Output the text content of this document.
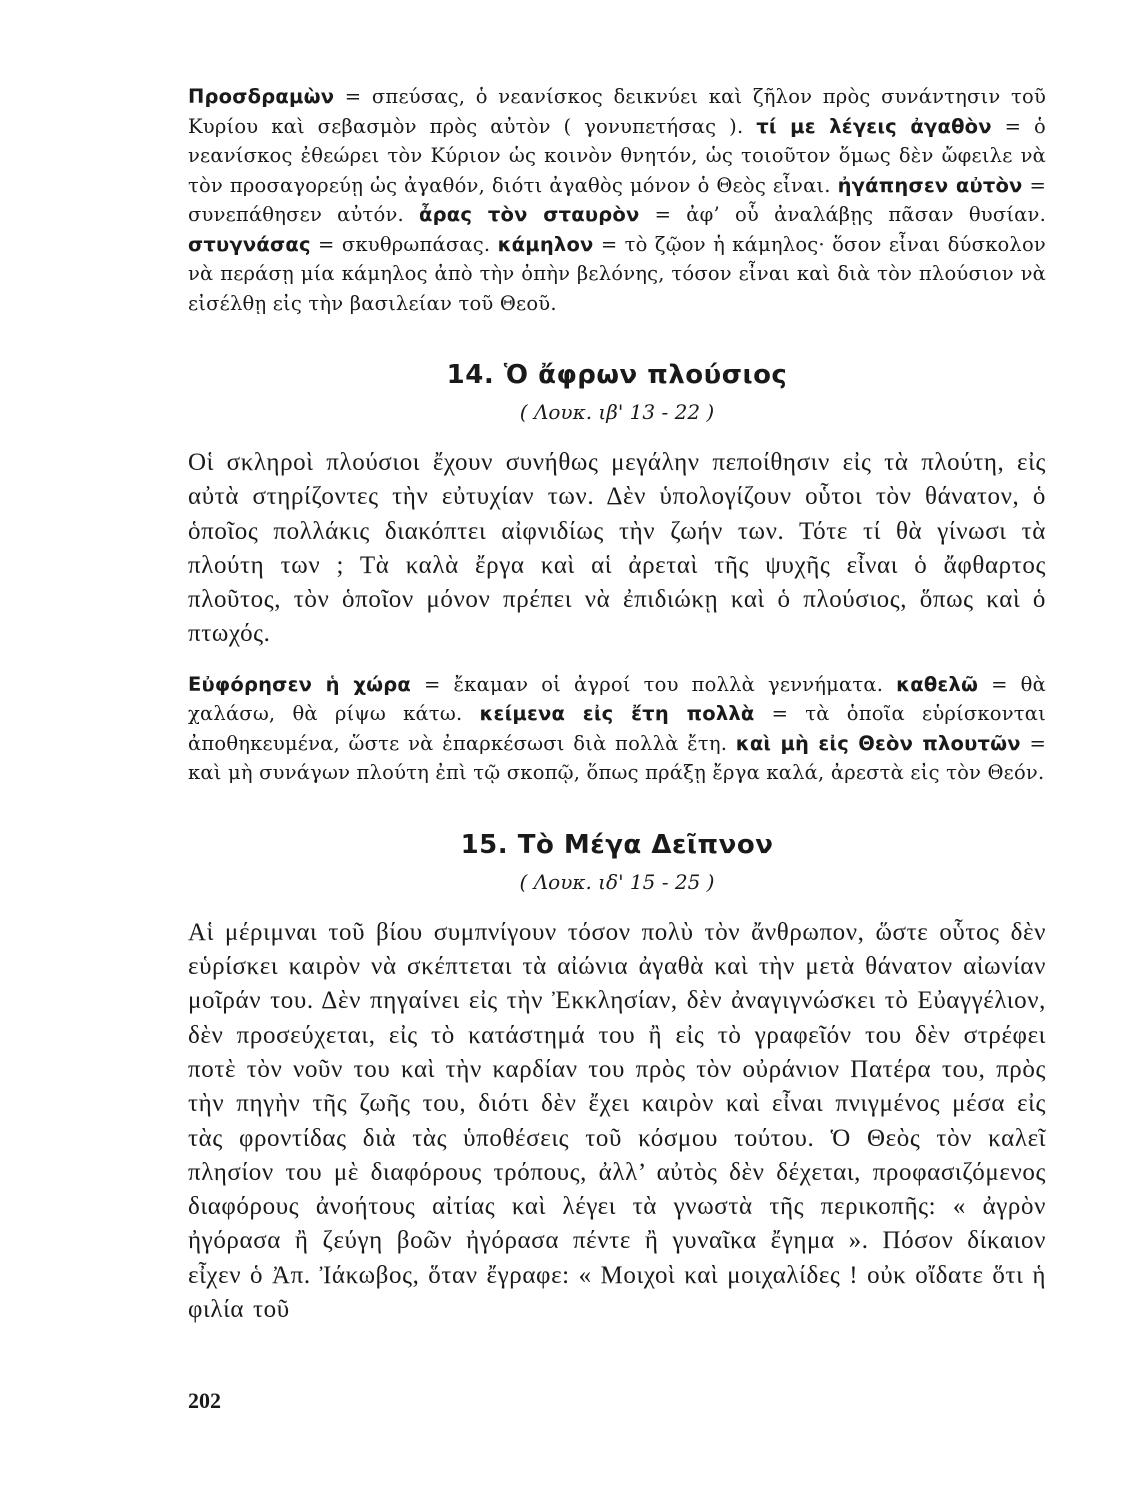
Προσδραμὼν = σπεύσας, ὁ νεανίσκος δεικνύει καὶ ζῆλον πρὸς συνάντησιν τοῦ Κυρίου καὶ σεβασμὸν πρὸς αὐτὸν ( γονυπετήσας ). τί με λέγεις ἀγαθὸν = ὁ νεανίσκος ἐθεώρει τὸν Κύριον ὡς κοινὸν θνητόν, ὡς τοιοῦτον ὅμως δὲν ὤφειλε νὰ τὸν προσαγορεύῃ ὡς ἀγαθόν, διότι ἀγαθὸς μόνον ὁ Θεὸς εἶναι. ἠγάπησεν αὐτὸν = συνεπάθησεν αὐτόν. ἆρας τὸν σταυρὸν = ἀφ’ οὗ ἀναλάβῃς πᾶσαν θυσίαν. στυγνάσας = σκυθρωπάσας. κάμηλον = τὸ ζῷον ἡ κάμηλος· ὅσον εἶναι δύσκολον νὰ περάσῃ μία κάμηλος ἀπὸ τὴν ὀπὴν βελόνης, τόσον εἶναι καὶ διὰ τὸν πλούσιον νὰ εἰσέλθῃ εἰς τὴν βασιλείαν τοῦ Θεοῦ.

14. Ὁ ἄφρων πλούσιος

( Λουκ. ιβ' 13 - 22 )

Οἱ σκληροὶ πλούσιοι ἔχουν συνήθως μεγάλην πεποίθησιν εἰς τὰ πλούτη, εἰς αὐτὰ στηρίζοντες τὴν εὐτυχίαν των. Δὲν ὑπολογίζουν οὗτοι τὸν θάνατον, ὁ ὁποῖος πολλάκις διακόπτει αἰφνιδίως τὴν ζωήν των. Τότε τί θὰ γίνωσι τὰ πλούτη των ; Τὰ καλὰ ἔργα καὶ αἱ ἀρεταὶ τῆς ψυχῆς εἶναι ὁ ἄφθαρτος πλοῦτος, τὸν ὁποῖον μόνον πρέπει νὰ ἐπιδιώκῃ καὶ ὁ πλούσιος, ὅπως καὶ ὁ πτωχός.

Εὐφόρησεν ἡ χώρα = ἔκαμαν οἱ ἀγροί του πολλὰ γεννήματα. καθελῶ = θὰ χαλάσω, θὰ ρίψω κάτω. κείμενα εἰς ἔτη πολλὰ = τὰ ὁποῖα εὑρίσκονται ἀποθηκευμένα, ὥστε νὰ ἐπαρκέσωσι διὰ πολλὰ ἔτη. καὶ μὴ εἰς Θεὸν πλουτῶν = καὶ μὴ συνάγων πλούτη ἐπὶ τῷ σκοπῷ, ὅπως πράξῃ ἔργα καλά, ἀρεστὰ εἰς τὸν Θεόν.

15. Τὸ Μέγα Δεῖπνον

( Λουκ. ιδ' 15 - 25 )

Αἱ μέριμναι τοῦ βίου συμπνίγουν τόσον πολὺ τὸν ἄνθρωπον, ὥστε οὗτος δὲν εὑρίσκει καιρὸν νὰ σκέπτεται τὰ αἰώνια ἀγαθὰ καὶ τὴν μετὰ θάνατον αἰωνίαν μοῖράν του. Δὲν πηγαίνει εἰς τὴν Ἐκκλησίαν, δὲν ἀναγιγνώσκει τὸ Εὐαγγέλιον, δὲν προσεύχεται, εἰς τὸ κατάστημά του ἢ εἰς τὸ γραφεῖόν του δὲν στρέφει ποτὲ τὸν νοῦν του καὶ τὴν καρδίαν του πρὸς τὸν οὐράνιον Πατέρα του, πρὸς τὴν πηγὴν τῆς ζωῆς του, διότι δὲν ἔχει καιρὸν καὶ εἶναι πνιγμένος μέσα εἰς τὰς φροντίδας διὰ τὰς ὑποθέσεις τοῦ κόσμου τούτου. Ὁ Θεὸς τὸν καλεῖ πλησίον του μὲ διαφόρους τρόπους, ἀλλ’ αὐτὸς δὲν δέχεται, προφασιζόμενος διαφόρους ἀνοήτους αἰτίας καὶ λέγει τὰ γνωστὰ τῆς περικοπῆς: « ἀγρὸν ἠγόρασα ἢ ζεύγη βοῶν ἠγόρασα πέντε ἢ γυναῖκα ἔγημα ». Πόσον δίκαιον εἶχεν ὁ Ἀπ. Ἰάκωβος, ὅταν ἔγραφε: « Μοιχοὶ καὶ μοιχαλίδες ! οὐκ οἴδατε ὅτι ἡ φιλία τοῦ

202
